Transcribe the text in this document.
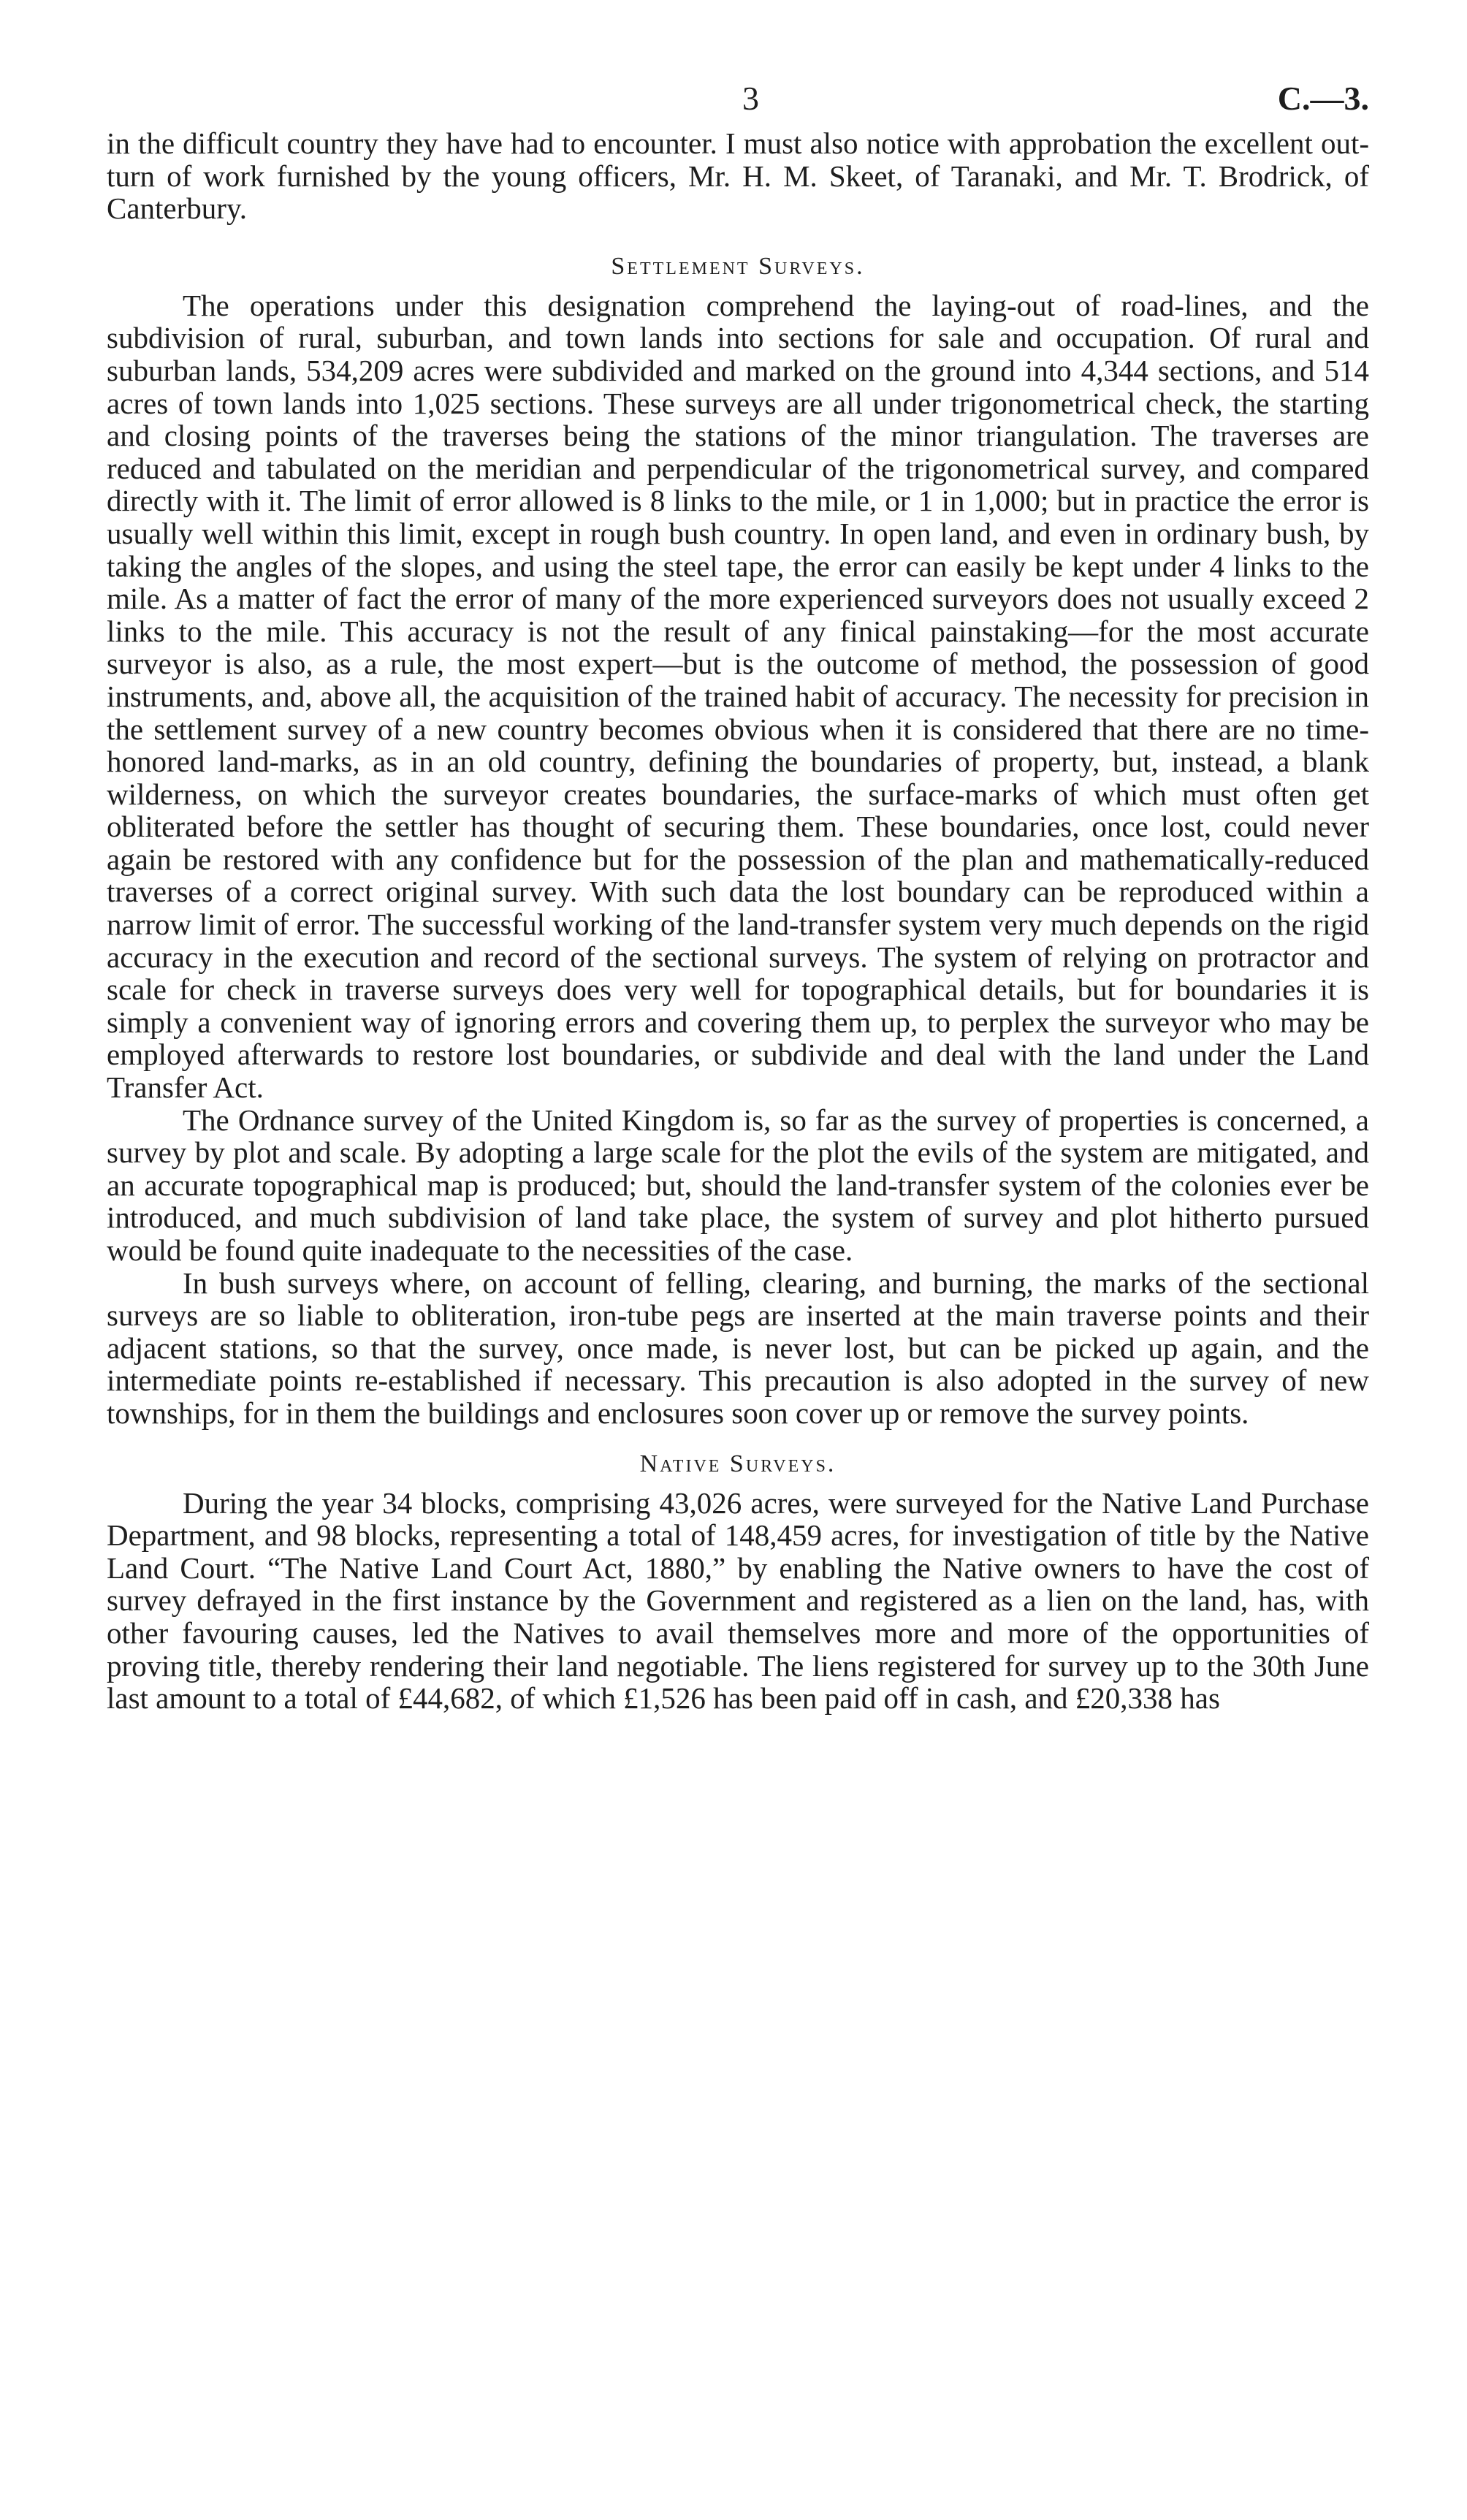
3	C.—3.

in the difficult country they have had to encounter. I must also notice with approbation the excellent out-turn of work furnished by the young officers, Mr. H. M. Skeet, of Taranaki, and Mr. T. Brodrick, of Canterbury.

Settlement Surveys.

The operations under this designation comprehend the laying-out of road-lines, and the subdivision of rural, suburban, and town lands into sections for sale and occupation. Of rural and suburban lands, 534,209 acres were subdivided and marked on the ground into 4,344 sections, and 514 acres of town lands into 1,025 sections. These surveys are all under trigonometrical check, the starting and closing points of the traverses being the stations of the minor triangulation. The traverses are reduced and tabulated on the meridian and perpendicular of the trigonometrical survey, and compared directly with it. The limit of error allowed is 8 links to the mile, or 1 in 1,000; but in practice the error is usually well within this limit, except in rough bush country. In open land, and even in ordinary bush, by taking the angles of the slopes, and using the steel tape, the error can easily be kept under 4 links to the mile. As a matter of fact the error of many of the more experienced surveyors does not usually exceed 2 links to the mile. This accuracy is not the result of any finical painstaking—for the most accurate surveyor is also, as a rule, the most expert—but is the outcome of method, the possession of good instruments, and, above all, the acquisition of the trained habit of accuracy. The necessity for precision in the settlement survey of a new country becomes obvious when it is considered that there are no time-honored land-marks, as in an old country, defining the boundaries of property, but, instead, a blank wilderness, on which the surveyor creates boundaries, the surface-marks of which must often get obliterated before the settler has thought of securing them. These boundaries, once lost, could never again be restored with any confidence but for the possession of the plan and mathematically-reduced traverses of a correct original survey. With such data the lost boundary can be reproduced within a narrow limit of error. The successful working of the land-transfer system very much depends on the rigid accuracy in the execution and record of the sectional surveys. The system of relying on protractor and scale for check in traverse surveys does very well for topographical details, but for boundaries it is simply a convenient way of ignoring errors and covering them up, to perplex the surveyor who may be employed afterwards to restore lost boundaries, or subdivide and deal with the land under the Land Transfer Act.

The Ordnance survey of the United Kingdom is, so far as the survey of properties is concerned, a survey by plot and scale. By adopting a large scale for the plot the evils of the system are mitigated, and an accurate topographical map is produced; but, should the land-transfer system of the colonies ever be introduced, and much subdivision of land take place, the system of survey and plot hitherto pursued would be found quite inadequate to the necessities of the case.

In bush surveys where, on account of felling, clearing, and burning, the marks of the sectional surveys are so liable to obliteration, iron-tube pegs are inserted at the main traverse points and their adjacent stations, so that the survey, once made, is never lost, but can be picked up again, and the intermediate points re-established if necessary. This precaution is also adopted in the survey of new townships, for in them the buildings and enclosures soon cover up or remove the survey points.

Native Surveys.

During the year 34 blocks, comprising 43,026 acres, were surveyed for the Native Land Purchase Department, and 98 blocks, representing a total of 148,459 acres, for investigation of title by the Native Land Court. “The Native Land Court Act, 1880,” by enabling the Native owners to have the cost of survey defrayed in the first instance by the Government and registered as a lien on the land, has, with other favouring causes, led the Natives to avail themselves more and more of the opportunities of proving title, thereby rendering their land negotiable. The liens registered for survey up to the 30th June last amount to a total of £44,682, of which £1,526 has been paid off in cash, and £20,338 has
